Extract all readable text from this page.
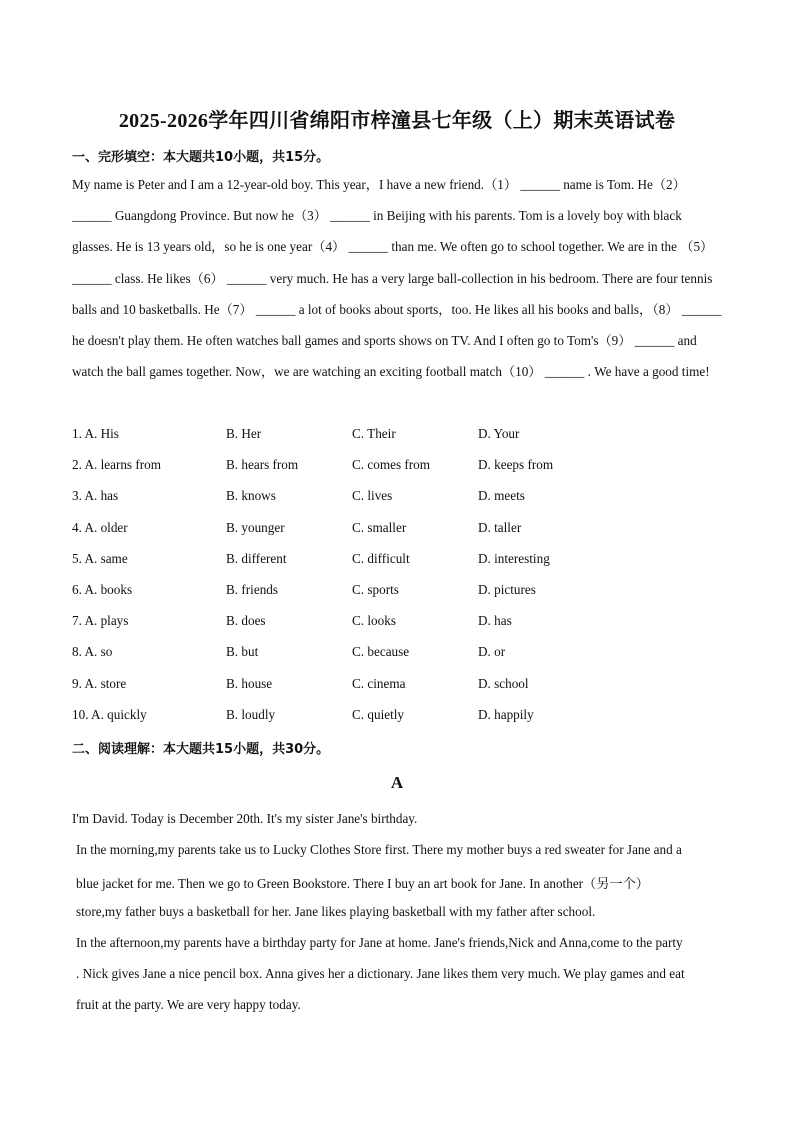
2025-2026学年四川省绵阳市梓潼县七年级（上）期末英语试卷
一、完形填空：本大题共10小题，共15分。
My name is Peter and I am a 12-year-old boy. This year，I have a new friend.（1） ______ name is Tom. He（2） ______ Guangdong Province. But now he（3） ______ in Beijing with his parents. Tom is a lovely boy with black glasses. He is 13 years old，so he is one year（4） ______ than me. We often go to school together. We are in the （5） ______ class. He likes（6） ______ very much. He has a very large ball-collection in his bedroom. There are four tennis balls and 10 basketballs. He（7） ______ a lot of books about sports，too. He likes all his books and balls，（8） ______ he doesn't play them. He often watches ball games and sports shows on TV. And I often go to Tom's（9） ______ and watch the ball games together. Now，we are watching an exciting football match（10） ______ . We have a good time!
1. A. His	B. Her	C. Their	D. Your
2. A. learns from	B. hears from	C. comes from	D. keeps from
3. A. has	B. knows	C. lives	D. meets
4. A. older	B. younger	C. smaller	D. taller
5. A. same	B. different	C. difficult	D. interesting
6. A. books	B. friends	C. sports	D. pictures
7. A. plays	B. does	C. looks	D. has
8. A. so	B. but	C. because	D. or
9. A. store	B. house	C. cinema	D. school
10. A. quickly	B. loudly	C. quietly	D. happily
二、阅读理解：本大题共15小题，共30分。
A
I'm David. Today is December 20th. It's my sister Jane's birthday.
In the morning,my parents take us to Lucky Clothes Store first. There my mother buys a red sweater for Jane and a
blue jacket for me. Then we go to Green Bookstore. There I buy an art book for Jane. In another（另一个）
store,my father buys a basketball for her. Jane likes playing basketball with my father after school.
In the afternoon,my parents have a birthday party for Jane at home. Jane's friends,Nick and Anna,come to the party
. Nick gives Jane a nice pencil box. Anna gives her a dictionary. Jane likes them very much. We play games and eat
fruit at the party. We are very happy today.
